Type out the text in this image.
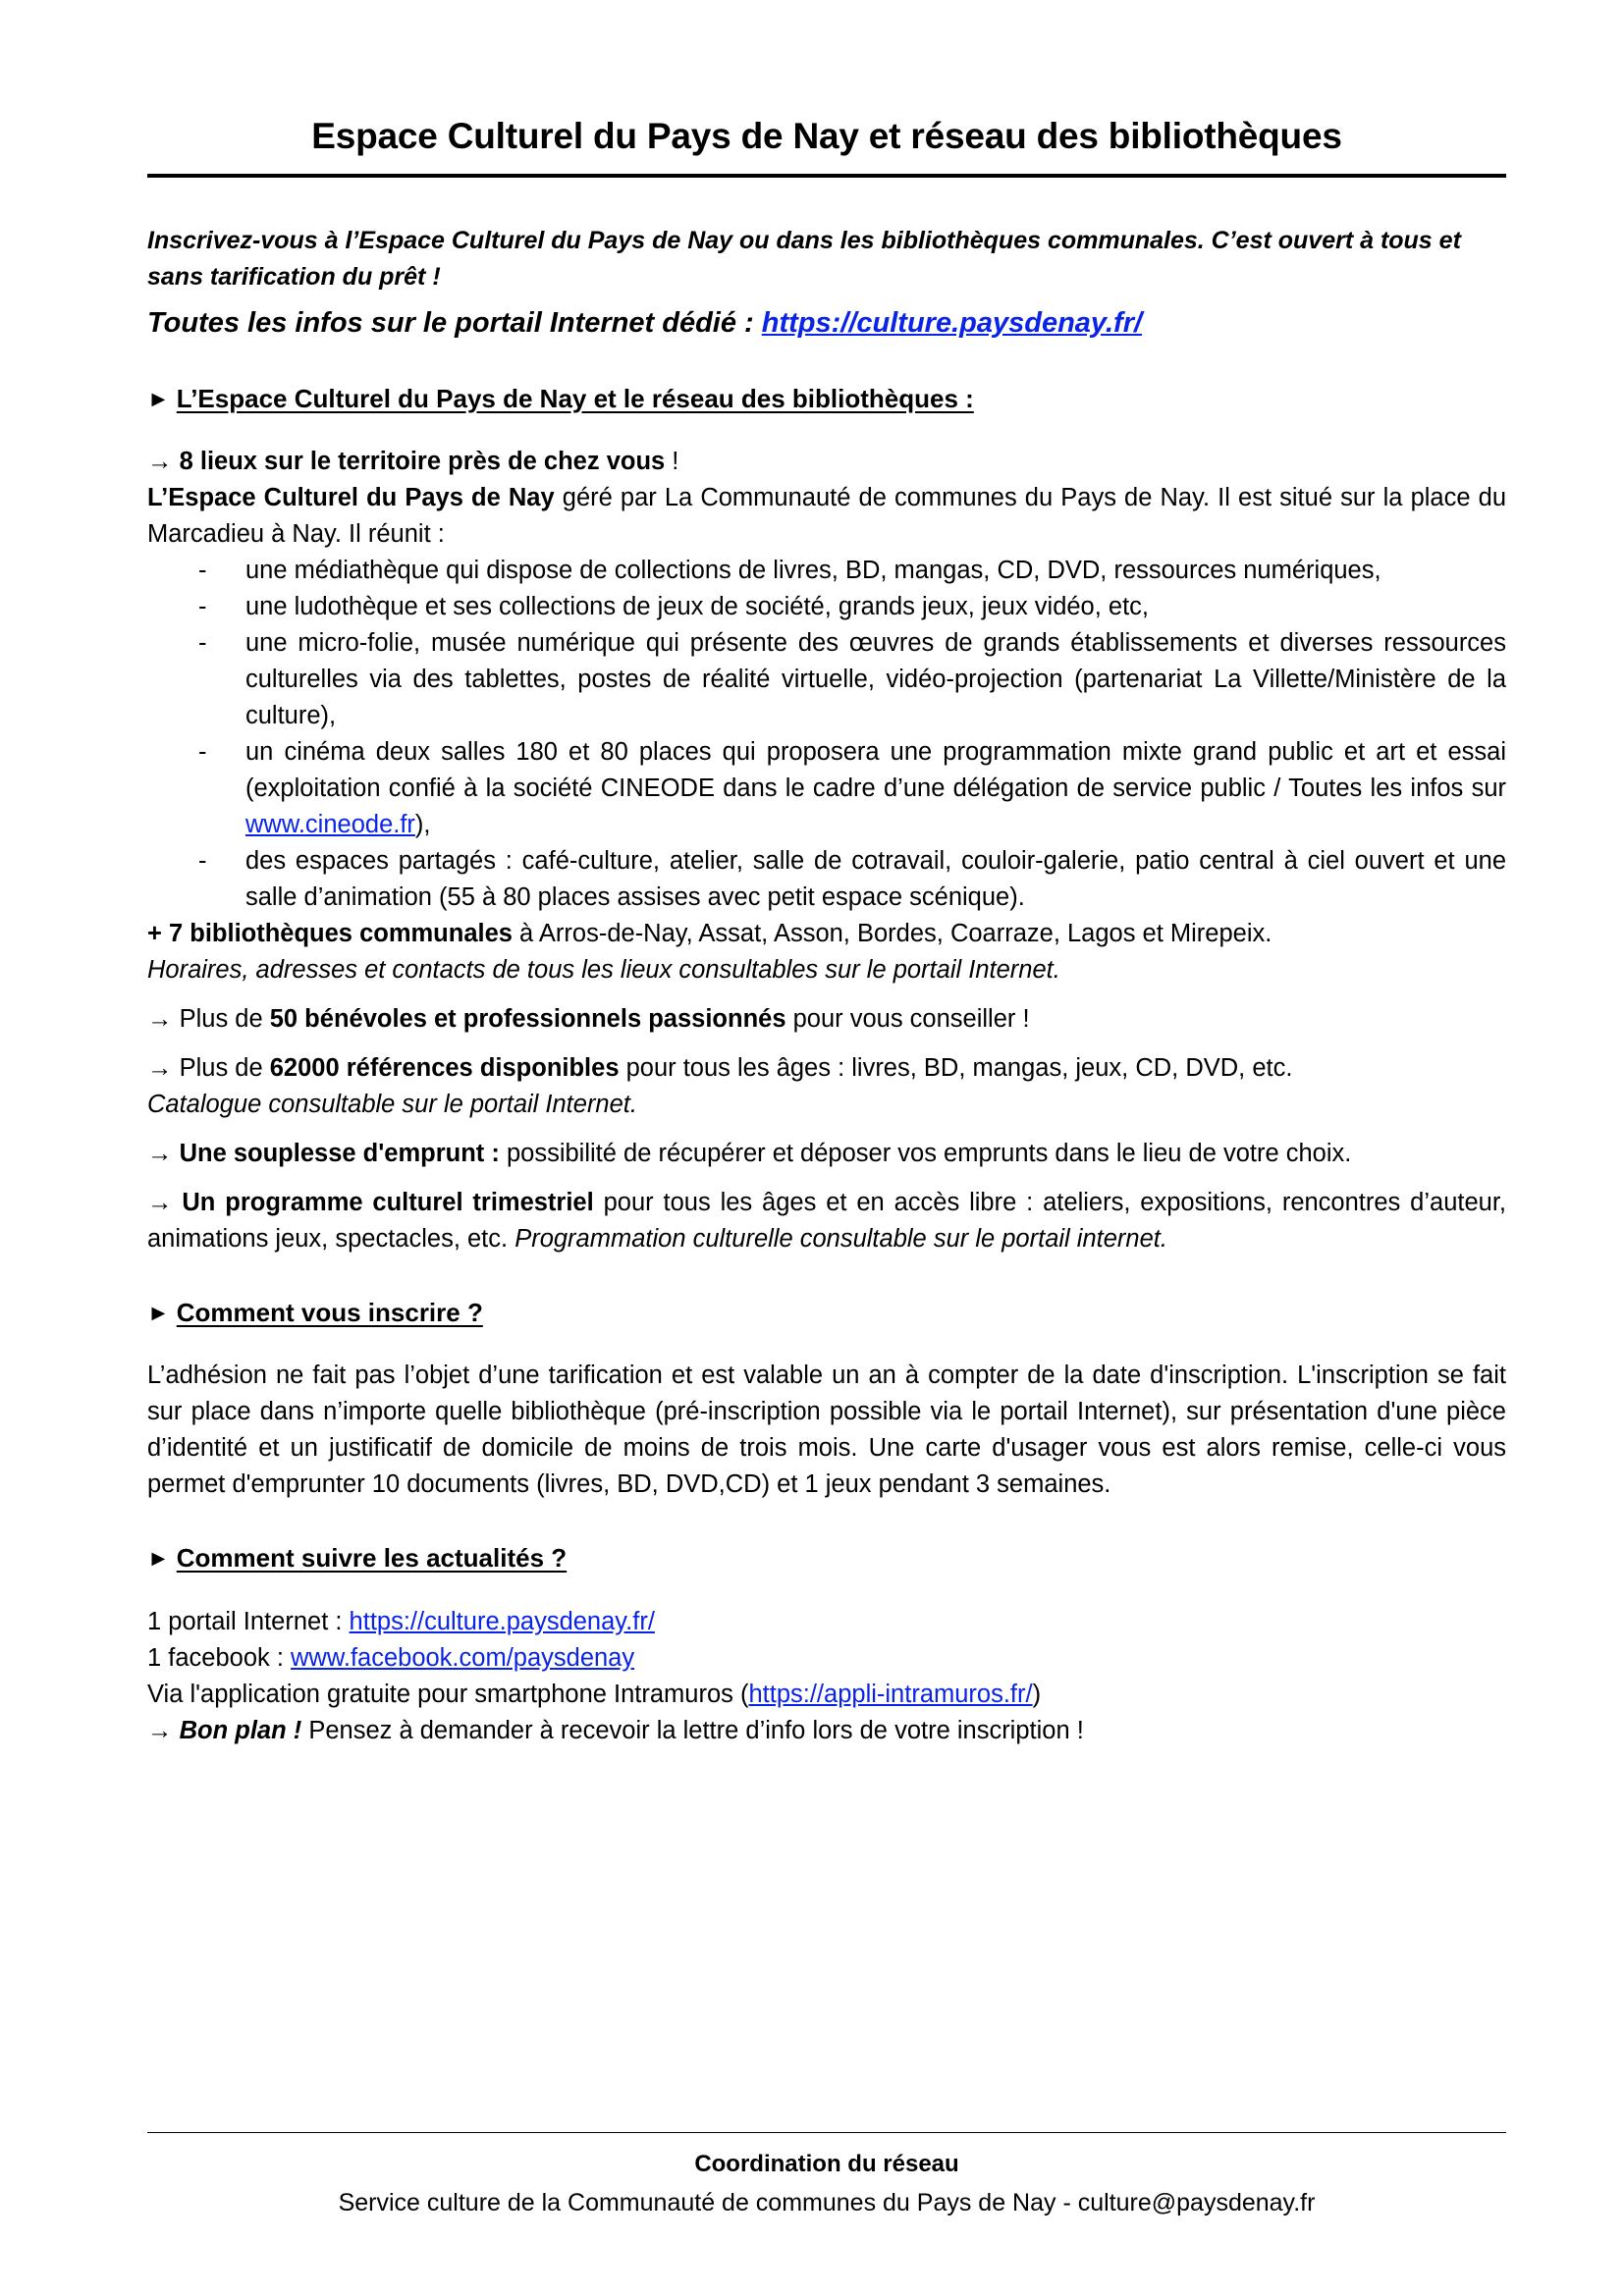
Espace Culturel du Pays de Nay et réseau des bibliothèques

Inscrivez-vous à l’Espace Culturel du Pays de Nay ou dans les bibliothèques communales. C’est ouvert à tous et sans tarification du prêt !

Toutes les infos sur le portail Internet dédié : https://culture.paysdenay.fr/

► L’Espace Culturel du Pays de Nay et le réseau des bibliothèques :

→ 8 lieux sur le territoire près de chez vous !

L’Espace Culturel du Pays de Nay géré par La Communauté de communes du Pays de Nay. Il est situé sur la place du Marcadieu à Nay. Il réunit :

- une médiathèque qui dispose de collections de livres, BD, mangas, CD, DVD, ressources numériques,
- une ludothèque et ses collections de jeux de société, grands jeux, jeux vidéo, etc,
- une micro-folie, musée numérique qui présente des œuvres de grands établissements et diverses ressources culturelles via des tablettes, postes de réalité virtuelle, vidéo-projection (partenariat La Villette/Ministère de la culture),
- un cinéma deux salles 180 et 80 places qui proposera une programmation mixte grand public et art et essai (exploitation confié à la société CINEODE dans le cadre d’une délégation de service public / Toutes les infos sur www.cineode.fr),
- des espaces partagés : café-culture, atelier, salle de cotravail, couloir-galerie, patio central à ciel ouvert et une salle d’animation (55 à 80 places assises avec petit espace scénique).

+ 7 bibliothèques communales à Arros-de-Nay, Assat, Asson, Bordes, Coarraze, Lagos et Mirepeix.

Horaires, adresses et contacts de tous les lieux consultables sur le portail Internet.

→ Plus de 50 bénévoles et professionnels passionnés pour vous conseiller !

→ Plus de 62000 références disponibles pour tous les âges : livres, BD, mangas, jeux, CD, DVD, etc.

Catalogue consultable sur le portail Internet.

→ Une souplesse d'emprunt : possibilité de récupérer et déposer vos emprunts dans le lieu de votre choix.

→ Un programme culturel trimestriel pour tous les âges et en accès libre : ateliers, expositions, rencontres d’auteur, animations jeux, spectacles, etc. Programmation culturelle consultable sur le portail internet.

► Comment vous inscrire ?

L’adhésion ne fait pas l’objet d’une tarification et est valable un an à compter de la date d'inscription. L'inscription se fait sur place dans n’importe quelle bibliothèque (pré-inscription possible via le portail Internet), sur présentation d'une pièce d’identité et un justificatif de domicile de moins de trois mois. Une carte d'usager vous est alors remise, celle-ci vous permet d'emprunter 10 documents (livres, BD, DVD,CD) et 1 jeux pendant 3 semaines.

► Comment suivre les actualités ?

1 portail Internet : https://culture.paysdenay.fr/

1 facebook : www.facebook.com/paysdenay

Via l'application gratuite pour smartphone Intramuros (https://appli-intramuros.fr/)

→ Bon plan ! Pensez à demander à recevoir la lettre d’info lors de votre inscription !

Coordination du réseau
Service culture de la Communauté de communes du Pays de Nay - culture@paysdenay.fr
